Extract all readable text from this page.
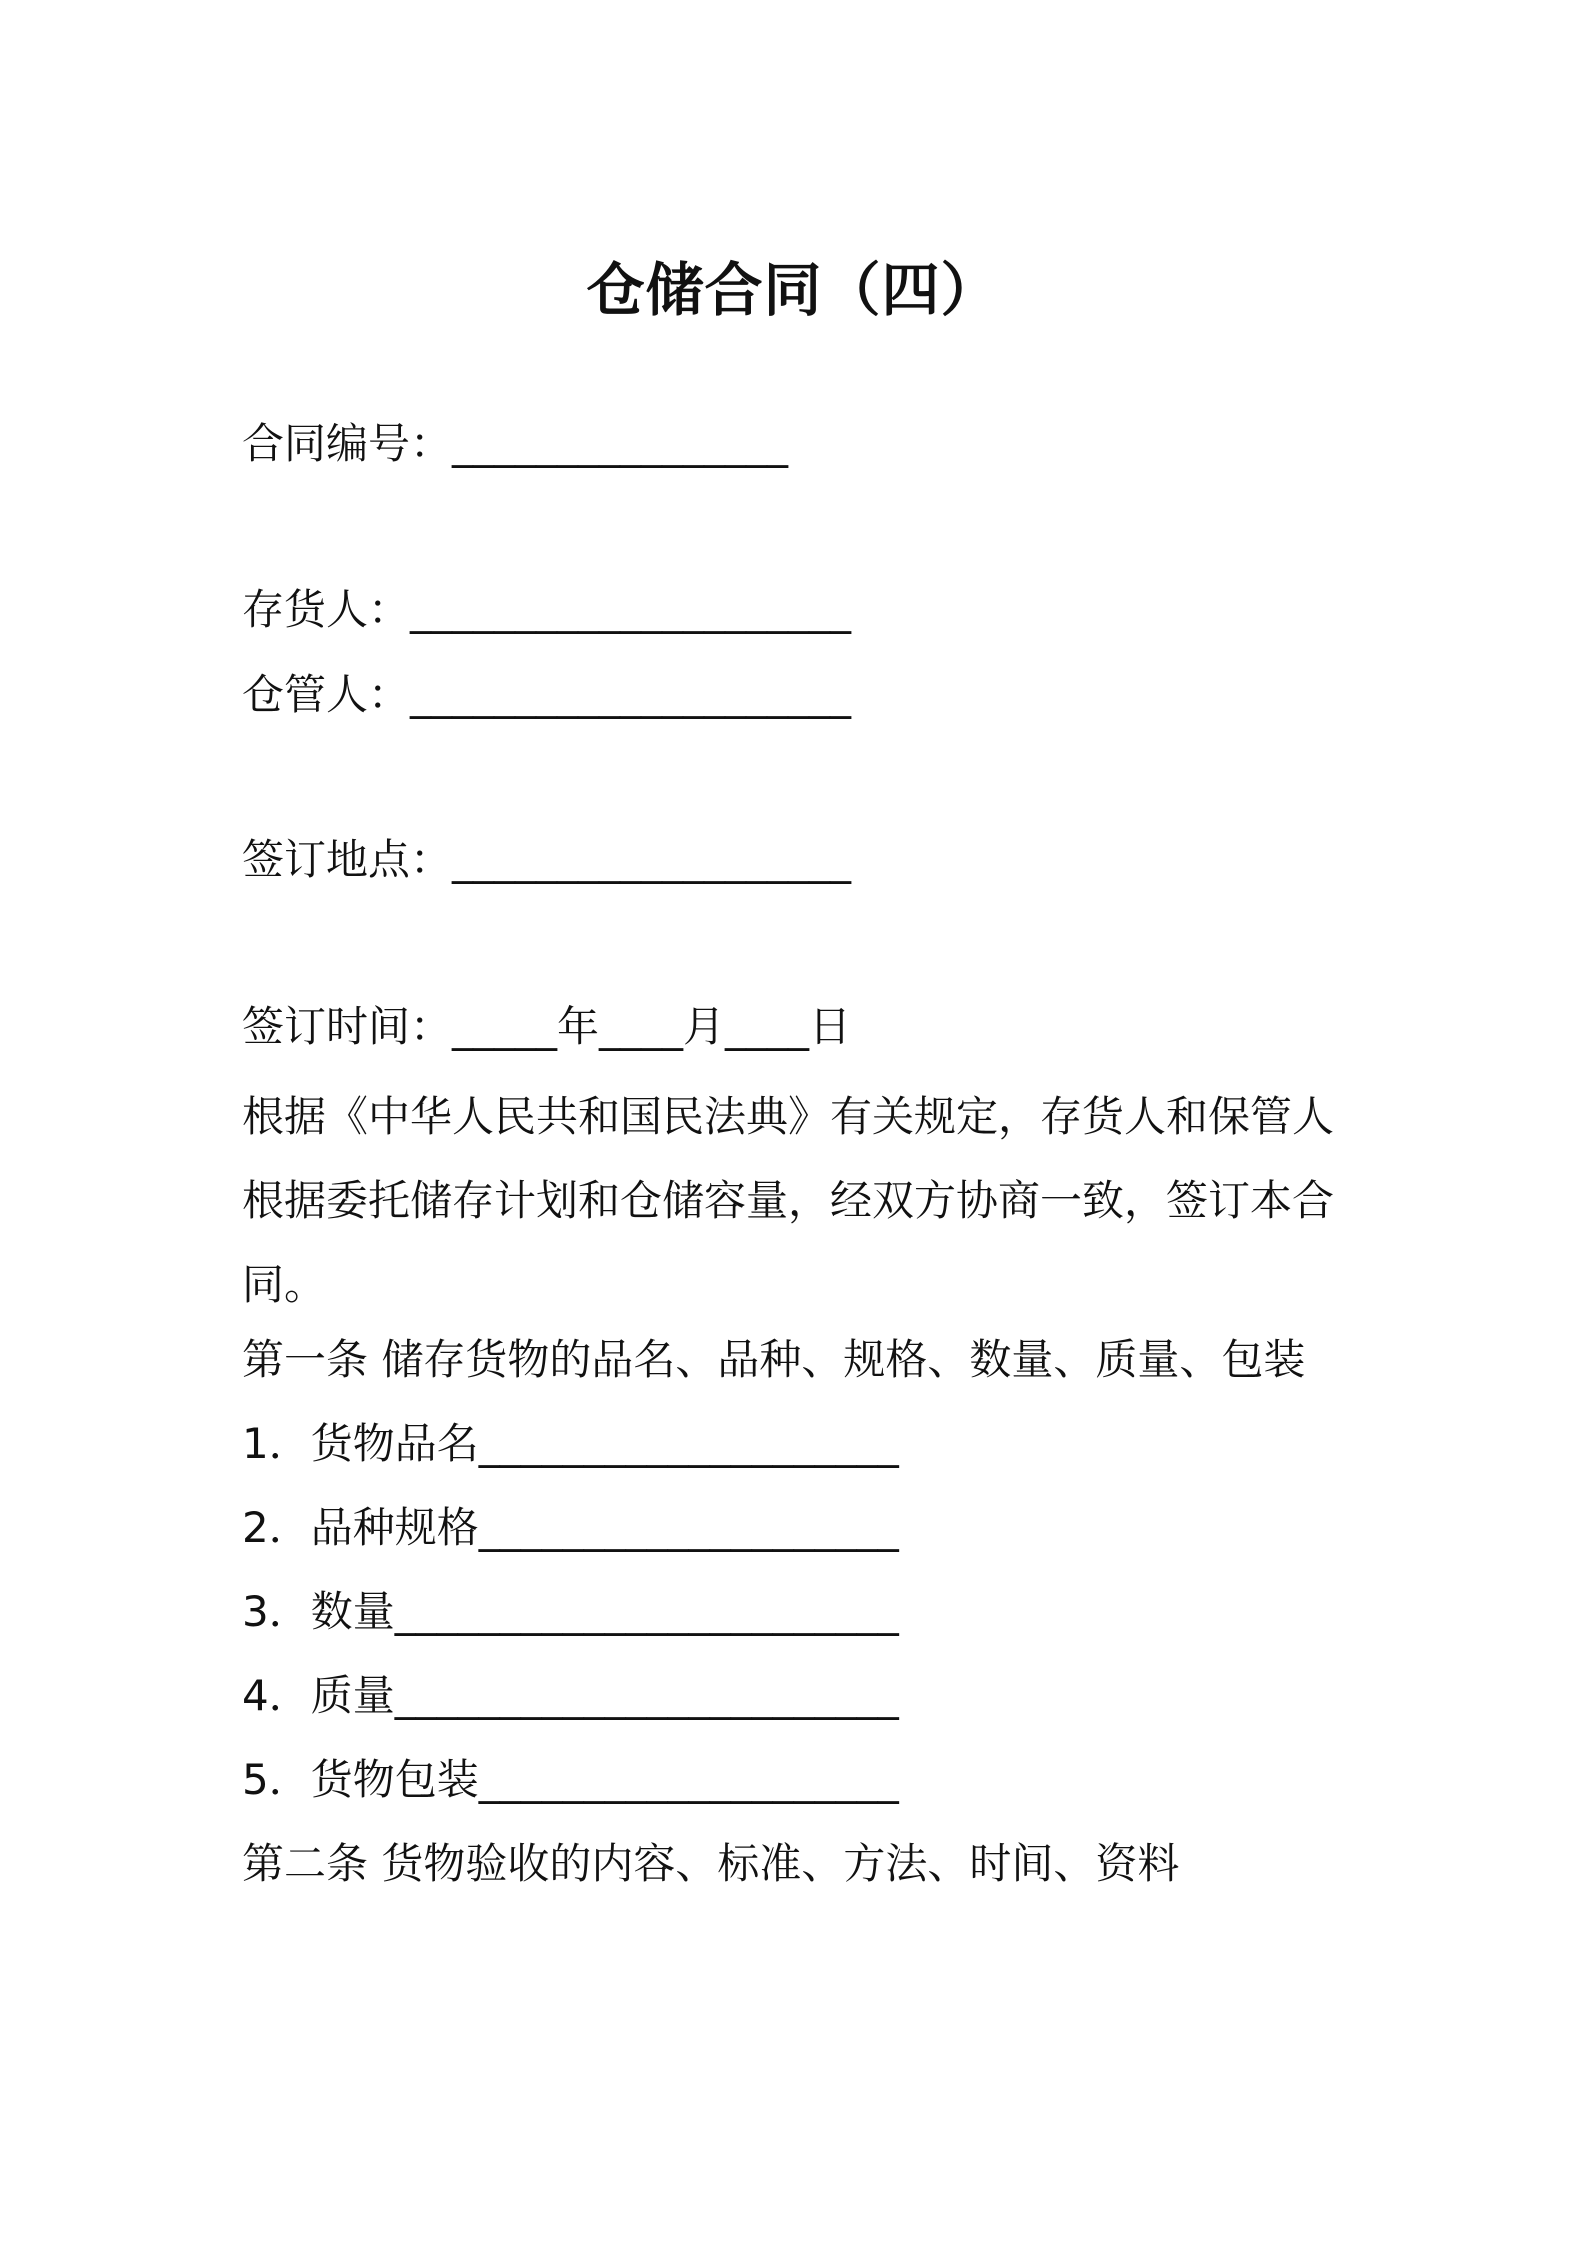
仓储合同（四）
合同编号：________________
存货人：_____________________
仓管人：_____________________
签订地点：___________________
签订时间：_____年____月____日
根据《中华人民共和国民法典》有关规定，存货人和保管人根据委托储存计划和仓储容量，经双方协商一致，签订本合同。
第一条 储存货物的品名、品种、规格、数量、质量、包装
1．货物品名____________________
2．品种规格____________________
3．数量________________________
4．质量________________________
5．货物包装____________________
第二条 货物验收的内容、标准、方法、时间、资料
